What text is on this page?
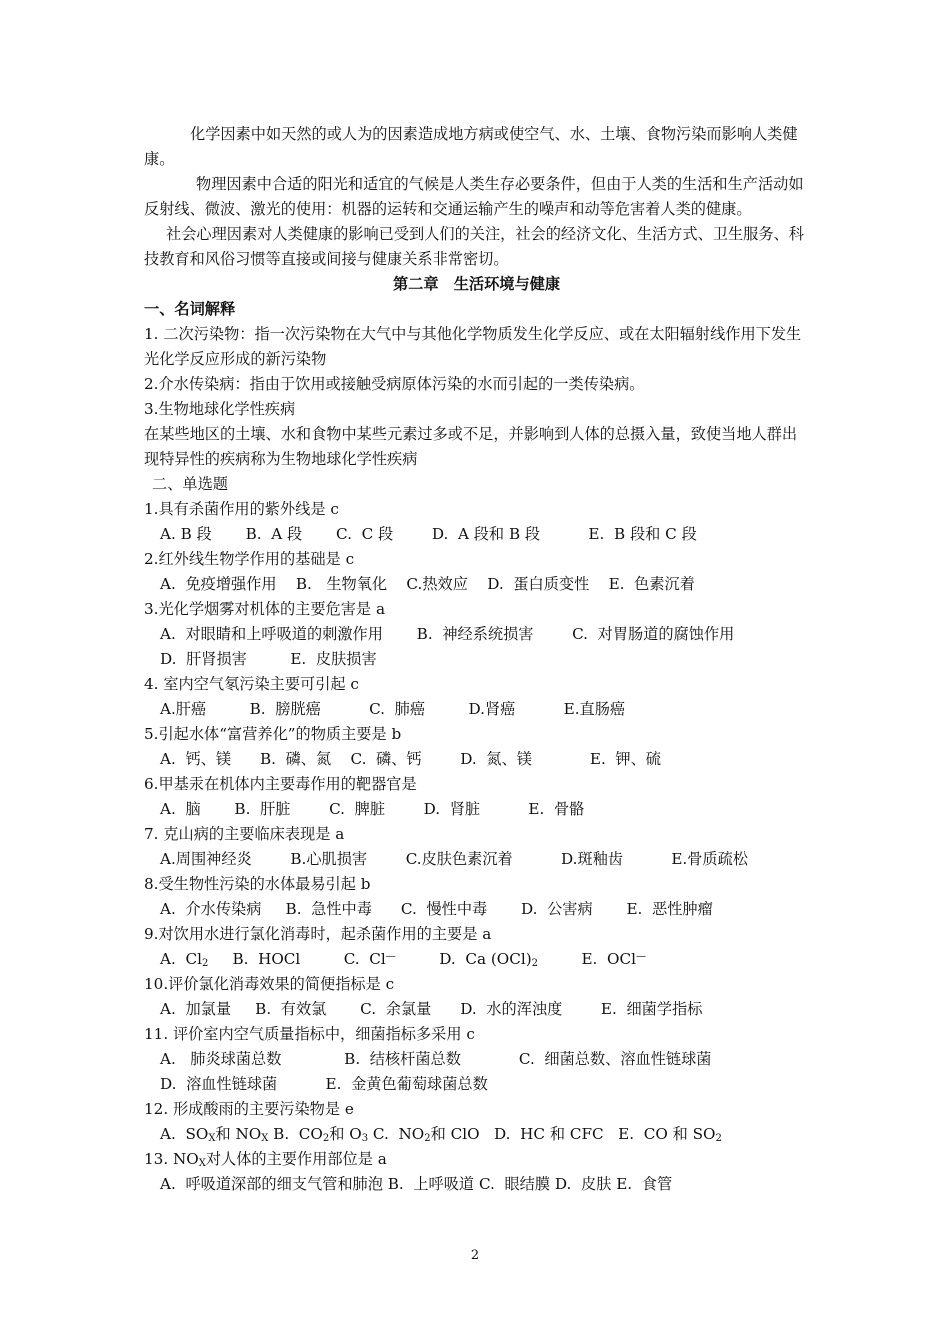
化学因素中如天然的或人为的因素造成地方病或使空气、水、土壤、食物污染而影响人类健康。

物理因素中合适的阳光和适宜的气候是人类生存必要条件，但由于人类的生活和生产活动如反射线、微波、激光的使用：机器的运转和交通运输产生的噪声和动等危害着人类的健康。

社会心理因素对人类健康的影响已受到人们的关注，社会的经济文化、生活方式、卫生服务、科技教育和风俗习惯等直接或间接与健康关系非常密切。

第二章　生活环境与健康

一、名词解释

1. 二次污染物：指一次污染物在大气中与其他化学物质发生化学反应、或在太阳辐射线作用下发生光化学反应形成的新污染物

2.介水传染病：指由于饮用或接触受病原体污染的水而引起的一类传染病。

3.生物地球化学性疾病

在某些地区的土壤、水和食物中某些元素过多或不足，并影响到人体的总摄入量，致使当地人群出现特异性的疾病称为生物地球化学性疾病

二、单选题

1.具有杀菌作用的紫外线是 c

A. B 段       B.  A 段       C.  C 段        D.  A 段和 B 段          E.  B 段和 C 段

2.红外线生物学作用的基础是 c

A.  免疫增强作用    B.   生物氧化    C.热效应    D.  蛋白质变性    E.  色素沉着

3.光化学烟雾对机体的主要危害是 a

A.  对眼睛和上呼吸道的刺激作用       B.  神经系统损害        C.  对胃肠道的腐蚀作用

D.  肝肾损害         E.  皮肤损害

4. 室内空气氡污染主要可引起 c

A.肝癌         B.  膀胱癌          C.  肺癌         D.肾癌          E.直肠癌

5.引起水体“富营养化”的物质主要是 b

A.  钙、镁      B.  磷、氮    C.  磷、钙        D.  氮、镁            E.  钾、硫

6.甲基汞在机体内主要毒作用的靶器官是

A.  脑       B.  肝脏        C.  脾脏        D.  肾脏          E.  骨骼

7. 克山病的主要临床表现是 a

A.周围神经炎        B.心肌损害        C.皮肤色素沉着          D.斑釉齿          E.骨质疏松

8.受生物性污染的水体最易引起 b

A.  介水传染病     B.  急性中毒      C.  慢性中毒       D.  公害病       E.  恶性肿瘤

9.对饮用水进行氯化消毒时，起杀菌作用的主要是 a

A.  $Cl_2$     B.  HOCl         C.  Cl—         D.  Ca $(OCl)_2$         E.  OCl—

10.评价氯化消毒效果的简便指标是 c

A.  加氯量     B.  有效氯       C.  余氯量      D.  水的浑浊度        E.  细菌学指标

11. 评价室内空气质量指标中，细菌指标多采用 c

A.   肺炎球菌总数             B.  结核杆菌总数            C.  细菌总数、溶血性链球菌

D.  溶血性链球菌          E.  金黄色葡萄球菌总数

12. 形成酸雨的主要污染物是 e

A.  $SO_X$和 $NO_X$ B.  $CO_2$和 $O_3$ C.  $NO_2$和 ClO   D.  HC 和 CFC   E.  CO 和 $SO_2$

13. $NO_X$对人体的主要作用部位是 a

A.  呼吸道深部的细支气管和肺泡 B.  上呼吸道 C.  眼结膜 D.  皮肤 E.  食管

2
